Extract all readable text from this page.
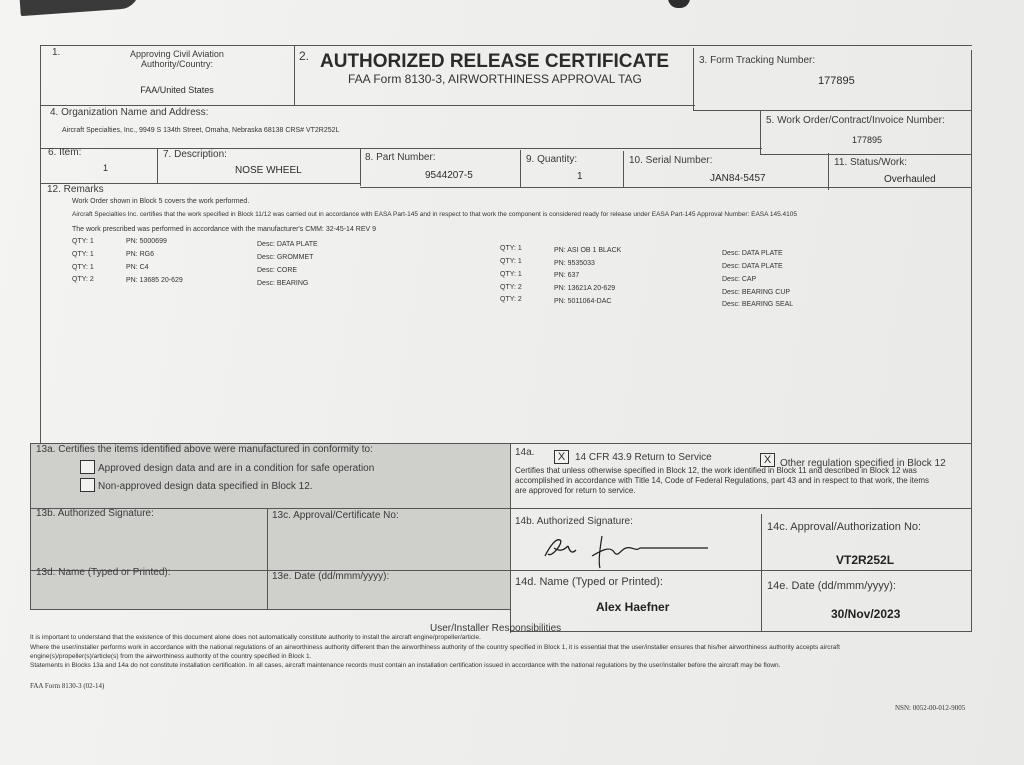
1.	Approving Civil Aviation
Authority/Country:
FAA/United States
2. AUTHORIZED RELEASE CERTIFICATE
FAA Form 8130-3, AIRWORTHINESS APPROVAL TAG
3. Form Tracking Number:
177895
4. Organization Name and Address:
Aircraft Specialties, Inc., 9949 S 134th Street, Omaha, Nebraska 68138 CRS# VT2R252L
5. Work Order/Contract/Invoice Number:
177895
6. Item:
1
7. Description:
NOSE WHEEL
8. Part Number:
9544207-5
9. Quantity:
1
10. Serial Number:
JAN84-5457
11. Status/Work:
Overhauled
12. Remarks
Work Order shown in Block 5 covers the work performed.
Aircraft Specialties Inc. certifies that the work specified in Block 11/12 was carried out in accordance with EASA Part-145 and in respect to that work the component is considered ready for release under EASA Part-145 Approval Number: EASA 145.4105
The work prescribed was performed in accordance with the manufacturer's CMM: 32-45-14 REV 9
QTY: 1	PN: 5000699	Desc: DATA PLATE
QTY: 1	PN: RG6	Desc: GROMMET
QTY: 1	PN: C4	Desc: CORE
QTY: 2	PN: 13685 20-629	Desc: BEARING
QTY: 1	PN: ASI OB 1 BLACK	Desc: DATA PLATE
QTY: 1	PN: 9535033	Desc: DATA PLATE
QTY: 1	PN: 637
Desc: CAP
QTY: 2	PN: 13621A 20-629
Desc: BEARING CUP
QTY: 2	PN: 5011064-DAC	Desc: BEARING SEAL
13a. Certifies the items identified above were manufactured in conformity to:
Approved design data and are in a condition for safe operation
Non-approved design data specified in Block 12.
13b. Authorized Signature:	13c. Approval/Certificate No:
13d. Name (Typed or Printed):	13e. Date (dd/mmm/yyyy):
14a.	X 14 CFR 43.9 Return to Service	X Other regulation specified in Block 12
Certifies that unless otherwise specified in Block 12, the work identified in Block 11 and described in Block 12 was
accomplished in accordance with Title 14, Code of Federal Regulations, part 43 and in respect to that work, the items
are approved for return to service.
14b. Authorized Signature:	14c. Approval/Authorization No:
VT2R252L
14d. Name (Typed or Printed):
Alex Haefner
14e. Date (dd/mmm/yyyy):
30/Nov/2023
User/Installer Responsibilities
It is important to understand that the existence of this document alone does not automatically constitute authority to install the aircraft engine/propeller/article.
Where the user/installer performs work in accordance with the national regulations of an airworthiness authority different than the airworthiness authority of the country specified in Block 1, it is essential that the user/installer ensures that his/her airworthiness authority accepts aircraft
engine(s)/propeller(s)/article(s) from the airworthiness authority of the country specified in Block 1.
Statements in Blocks 13a and 14a do not constitute installation certification. In all cases, aircraft maintenance records must contain an installation certification issued in accordance with the national regulations by the user/installer before the aircraft may be flown.
FAA Form 8130-3 (02-14)
NSN: 0052-00-012-9005
